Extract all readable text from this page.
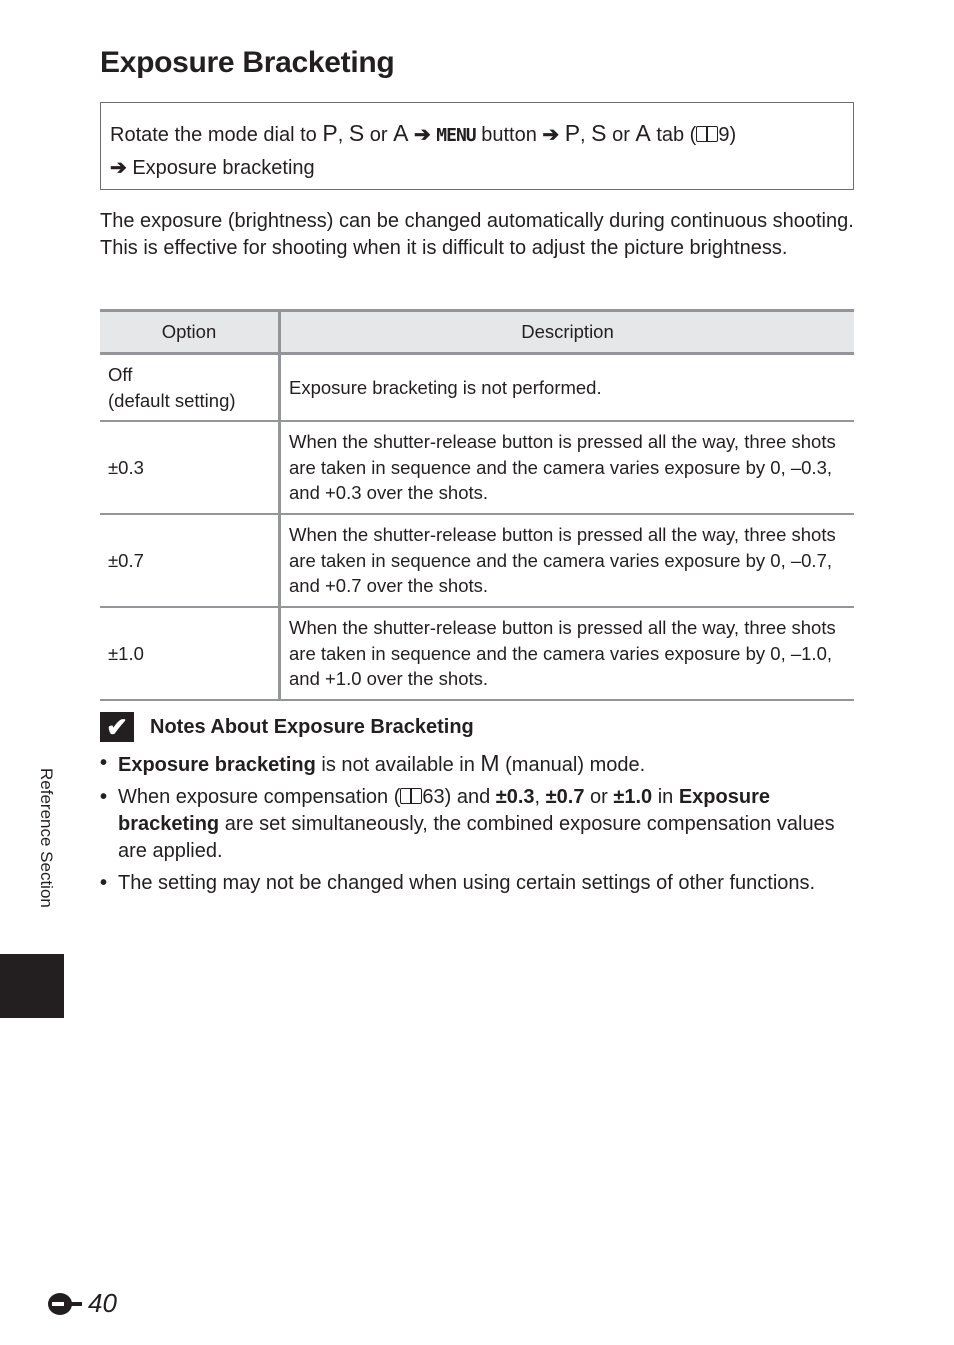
Exposure Bracketing
Rotate the mode dial to P, S or A ➔ MENU button ➔ P, S or A tab ( 9)
➔ Exposure bracketing

The exposure (brightness) can be changed automatically during continuous shooting. This is effective for shooting when it is difficult to adjust the picture brightness.

Option	Description
Off
(default setting)	Exposure bracketing is not performed.
±0.3	When the shutter-release button is pressed all the way, three shots are taken in sequence and the camera varies exposure by 0, –0.3, and +0.3 over the shots.
±0.7	When the shutter-release button is pressed all the way, three shots are taken in sequence and the camera varies exposure by 0, –0.7, and +0.7 over the shots.
±1.0	When the shutter-release button is pressed all the way, three shots are taken in sequence and the camera varies exposure by 0, –1.0, and +1.0 over the shots.
✔	Notes About Exposure Bracketing
• Exposure bracketing is not available in M (manual) mode.
• When exposure compensation ( 63) and ±0.3, ±0.7 or ±1.0 in Exposure bracketing are set simultaneously, the combined exposure compensation values are applied.
• The setting may not be changed when using certain settings of other functions.
Reference Section
40
